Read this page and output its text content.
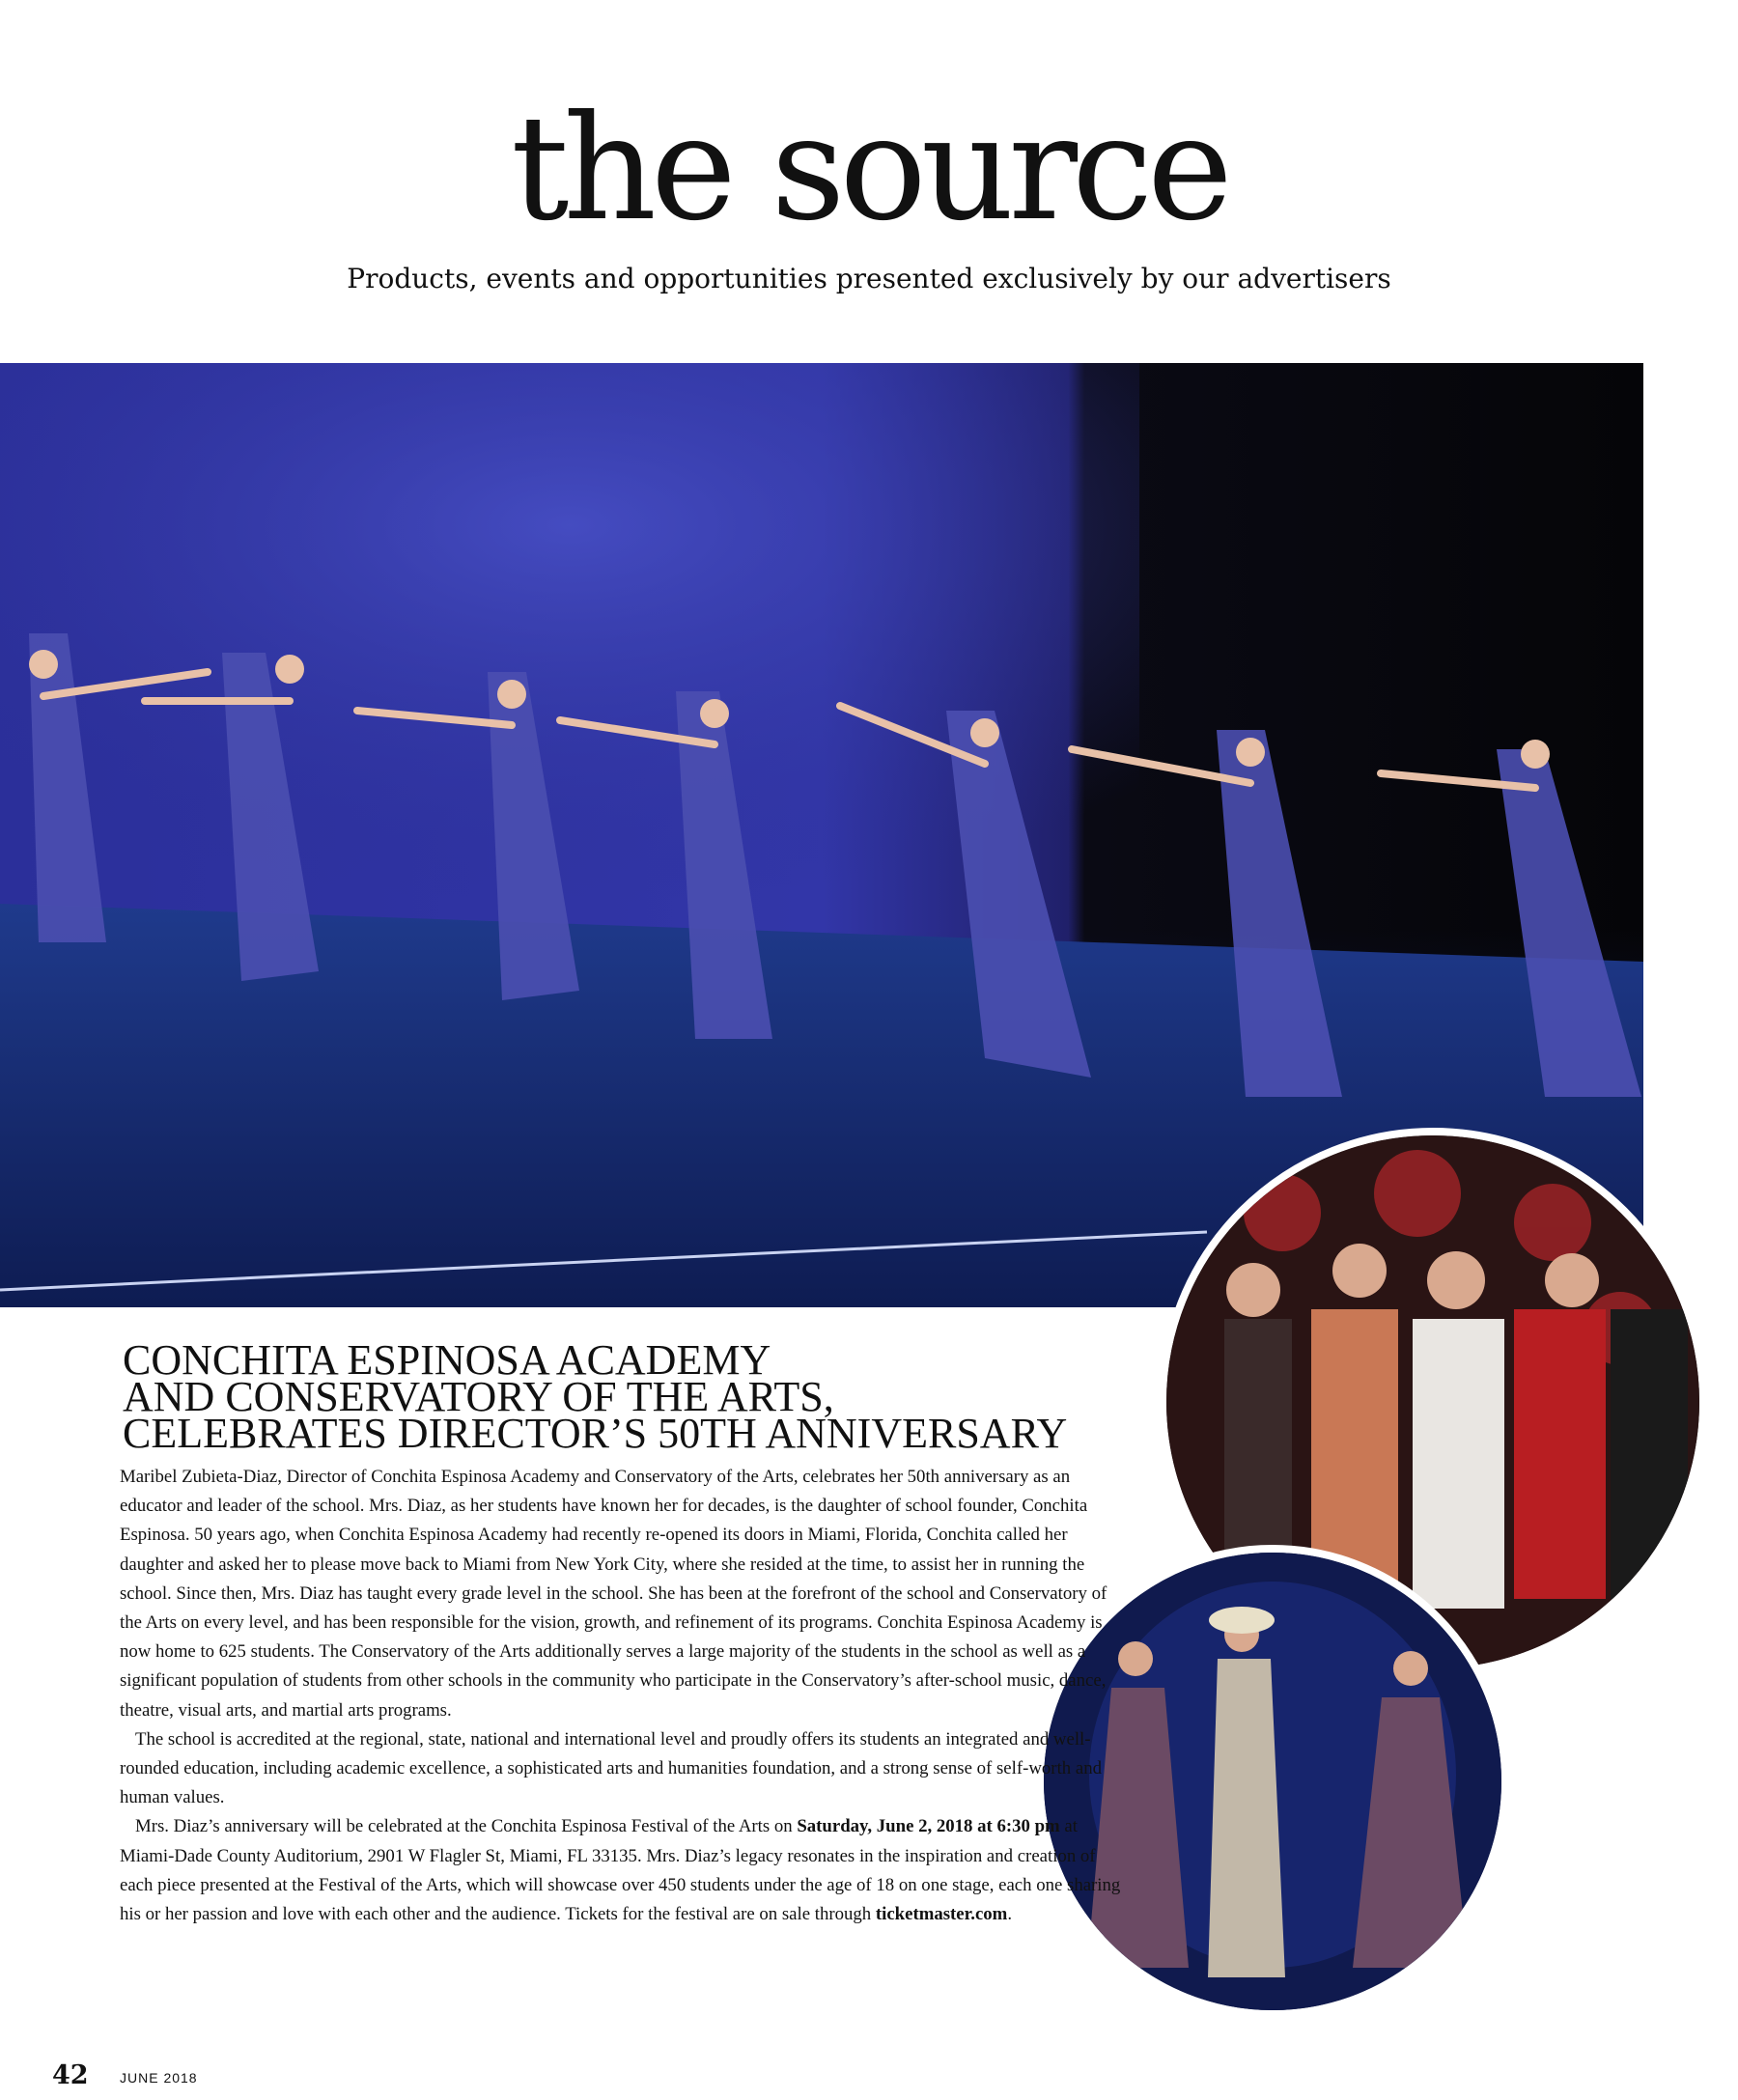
the source
Products, events and opportunities presented exclusively by our advertisers
CONCHITA ESPINOSA ACADEMY
AND CONSERVATORY OF THE ARTS,
CELEBRATES DIRECTOR’S 50TH ANNIVERSARY

Maribel Zubieta-Diaz, Director of Conchita Espinosa Academy and Conservatory of the Arts, celebrates her 50th anniversary as an educator and leader of the school. Mrs. Diaz, as her students have known her for decades, is the daughter of school founder, Conchita Espinosa. 50 years ago, when Conchita Espinosa Academy had recently re-opened its doors in Miami, Florida, Conchita called her daughter and asked her to please move back to Miami from New York City, where she resided at the time, to assist her in running the school. Since then, Mrs. Diaz has taught every grade level in the school. She has been at the forefront of the school and Conservatory of the Arts on every level, and has been responsible for the vision, growth, and refinement of its programs. Conchita Espinosa Academy is now home to 625 students. The Conservatory of the Arts additionally serves a large majority of the students in the school as well as a significant population of students from other schools in the community who participate in the Conservatory’s after-school music, dance, theatre, visual arts, and martial arts programs.

The school is accredited at the regional, state, national and international level and proudly offers its students an integrated and well-rounded education, including academic excellence, a sophisticated arts and humanities foundation, and a strong sense of self-worth and human values.

Mrs. Diaz’s anniversary will be celebrated at the Conchita Espinosa Festival of the Arts on Saturday, June 2, 2018 at 6:30 pm at Miami-Dade County Auditorium, 2901 W Flagler St, Miami, FL 33135. Mrs. Diaz’s legacy resonates in the inspiration and creation of each piece presented at the Festival of the Arts, which will showcase over 450 students under the age of 18 on one stage, each one sharing his or her passion and love with each other and the audience. Tickets for the festival are on sale through ticketmaster.com.

42 JUNE 2018
